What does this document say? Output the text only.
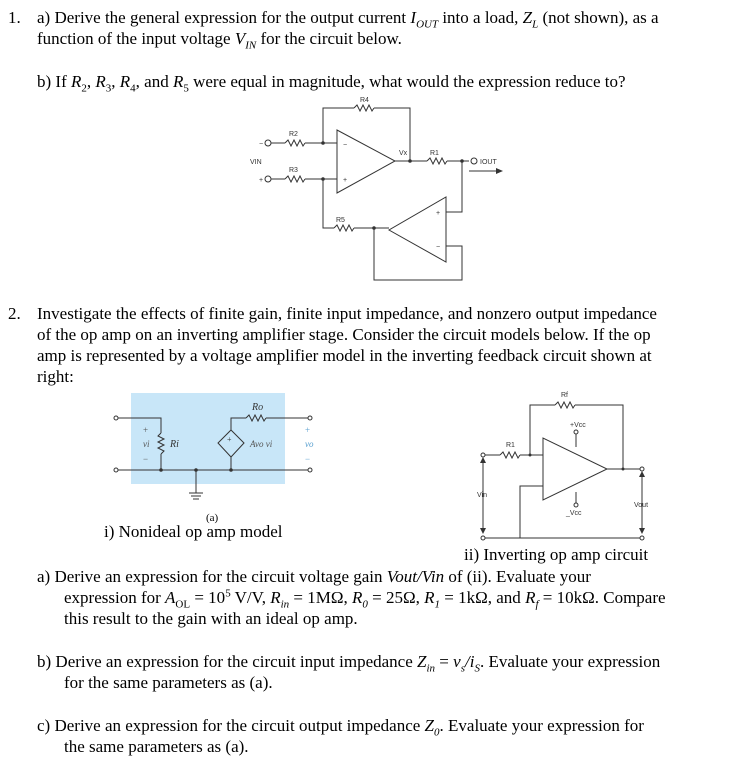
1. a) Derive the general expression for the output current $I_{OUT}$ into a load, $Z_L$ (not shown), as a
function of the input voltage $V_{IN}$ for the circuit below.
b) If $R_2$, $R_3$, $R_4$, and $R_5$ were equal in magnitude, what would the expression reduce to?
R4
R2
R3
R1
R5
Vx
VIN	IOUT
−
+
−
+
+
−
2. Investigate the effects of finite gain, finite input impedance, and nonzero output impedance
of the op amp on an inverting amplifier stage. Consider the circuit models below. If the op
amp is represented by a voltage amplifier model in the inverting feedback circuit shown at
right:
Ro
Ri
vi	Avo vi	vo
+
−
+
+
−
(a)
i) Nonideal op amp model
Rf
R1
+Vcc
_Vcc
Vin
Vout
ii) Inverting op amp circuit
a) Derive an expression for the circuit voltage gain Vout/Vin of (ii). Evaluate your
expression for $A_{OL} = 10^5$ V/V, $R_{in} = 1M\Omega$, $R_0 = 25\Omega$, $R_1 = 1k\Omega$, and $R_f = 10k\Omega$. Compare
this result to the gain with an ideal op amp.
b) Derive an expression for the circuit input impedance $Z_{in} = v_s/i_S$. Evaluate your expression
for the same parameters as (a).
c) Derive an expression for the circuit output impedance $Z_0$. Evaluate your expression for
the same parameters as (a).
